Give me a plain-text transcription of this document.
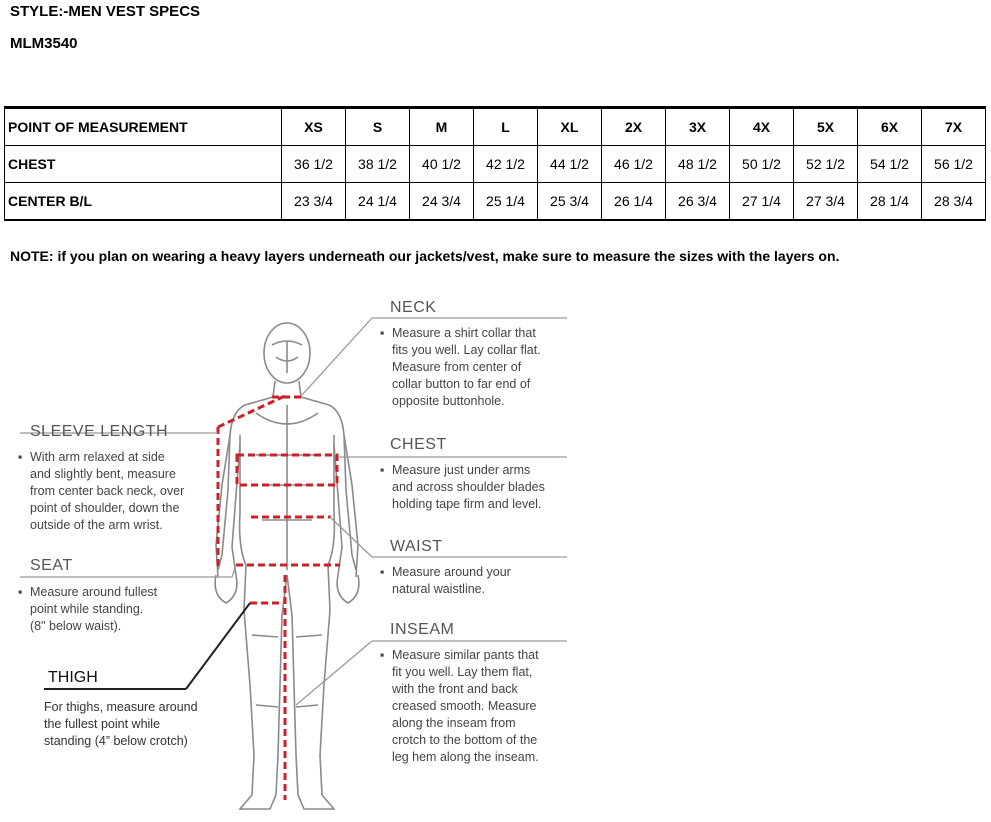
STYLE:-MEN VEST SPECS
MLM3540
POINT OF MEASUREMENT	XS	S	M	L	XL	2X	3X	4X	5X	6X	7X
CHEST	36 1/2	38 1/2	40 1/2	42 1/2	44 1/2	46 1/2	48 1/2	50 1/2	52 1/2	54 1/2	56 1/2
CENTER B/L	23 3/4	24 1/4	24 3/4	25 1/4	25 3/4	26 1/4	26 3/4	27 1/4	27 3/4	28 1/4	28 3/4
NOTE: if you plan on wearing a heavy layers underneath our jackets/vest, make sure to measure the sizes with the layers on.
NECK
▪ Measure a shirt collar that
fits you well. Lay collar flat.
Measure from center of
collar button to far end of
opposite buttonhole.
CHEST
▪ Measure just under arms
and across shoulder blades
holding tape firm and level.
WAIST
▪ Measure around your
natural waistline.
INSEAM
▪ Measure similar pants that
fit you well. Lay them flat,
with the front and back
creased smooth. Measure
along the inseam from
crotch to the bottom of the
leg hem along the inseam.
SLEEVE LENGTH
▪ With arm relaxed at side
and slightly bent, measure
from center back neck, over
point of shoulder, down the
outside of the arm wrist.
SEAT
▪ Measure around fullest
point while standing.
(8" below waist).
THIGH
For thighs, measure around
the fullest point while
standing (4” below crotch)
